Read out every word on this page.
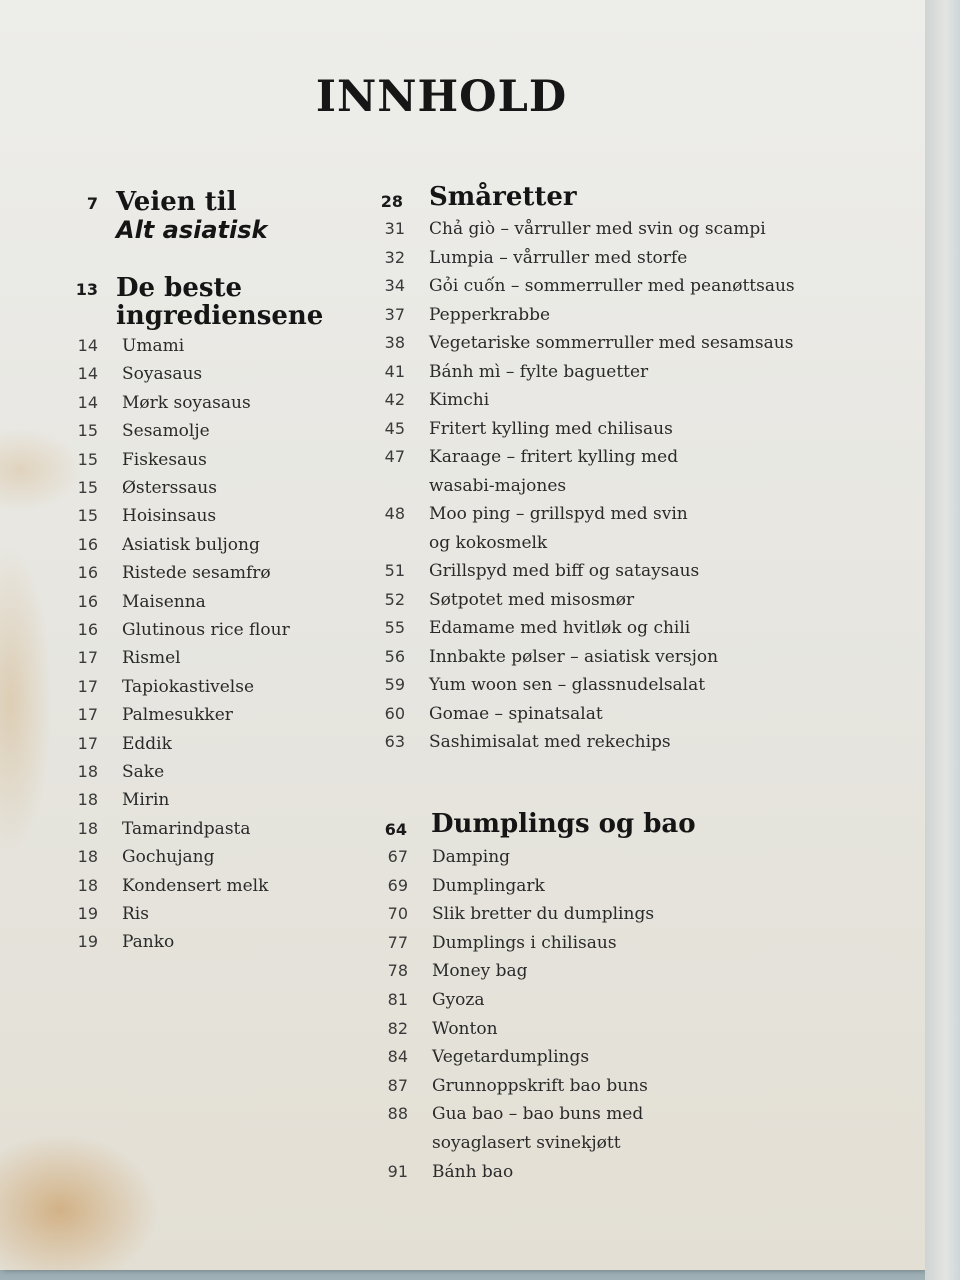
INNHOLD
7 Veien til
Alt asiatisk
13 De beste
ingrediensene
14 Umami
14 Soyasaus
14 Mørk soyasaus
15 Sesamolje
15 Fiskesaus
15 Østerssaus
15 Hoisinsaus
16 Asiatisk buljong
16 Ristede sesamfrø
16 Maisenna
16 Glutinous rice flour
17 Rismel
17 Tapiokastivelse
17 Palmesukker
17 Eddik
18 Sake
18 Mirin
18 Tamarindpasta
18 Gochujang
18 Kondensert melk
19 Ris
19 Panko
28 Småretter
31 Chả giò – vårruller med svin og scampi
32 Lumpia – vårruller med storfe
34 Gỏi cuốn – sommerruller med peanøttsaus
37 Pepperkrabbe
38 Vegetariske sommerruller med sesamsaus
41 Bánh mì – fylte baguetter
42 Kimchi
45 Fritert kylling med chilisaus
47 Karaage – fritert kylling med
wasabi-majones
48 Moo ping – grillspyd med svin
og kokosmelk
51 Grillspyd med biff og sataysaus
52 Søtpotet med misosmør
55 Edamame med hvitløk og chili
56 Innbakte pølser – asiatisk versjon
59 Yum woon sen – glassnudelsalat
60 Gomae – spinatsalat
63 Sashimisalat med rekechips
64 Dumplings og bao
67 Damping
69 Dumplingark
70 Slik bretter du dumplings
77 Dumplings i chilisaus
78 Money bag
81 Gyoza
82 Wonton
84 Vegetardumplings
87 Grunnoppskrift bao buns
88 Gua bao – bao buns med
soyaglasert svinekjøtt
91 Bánh bao
